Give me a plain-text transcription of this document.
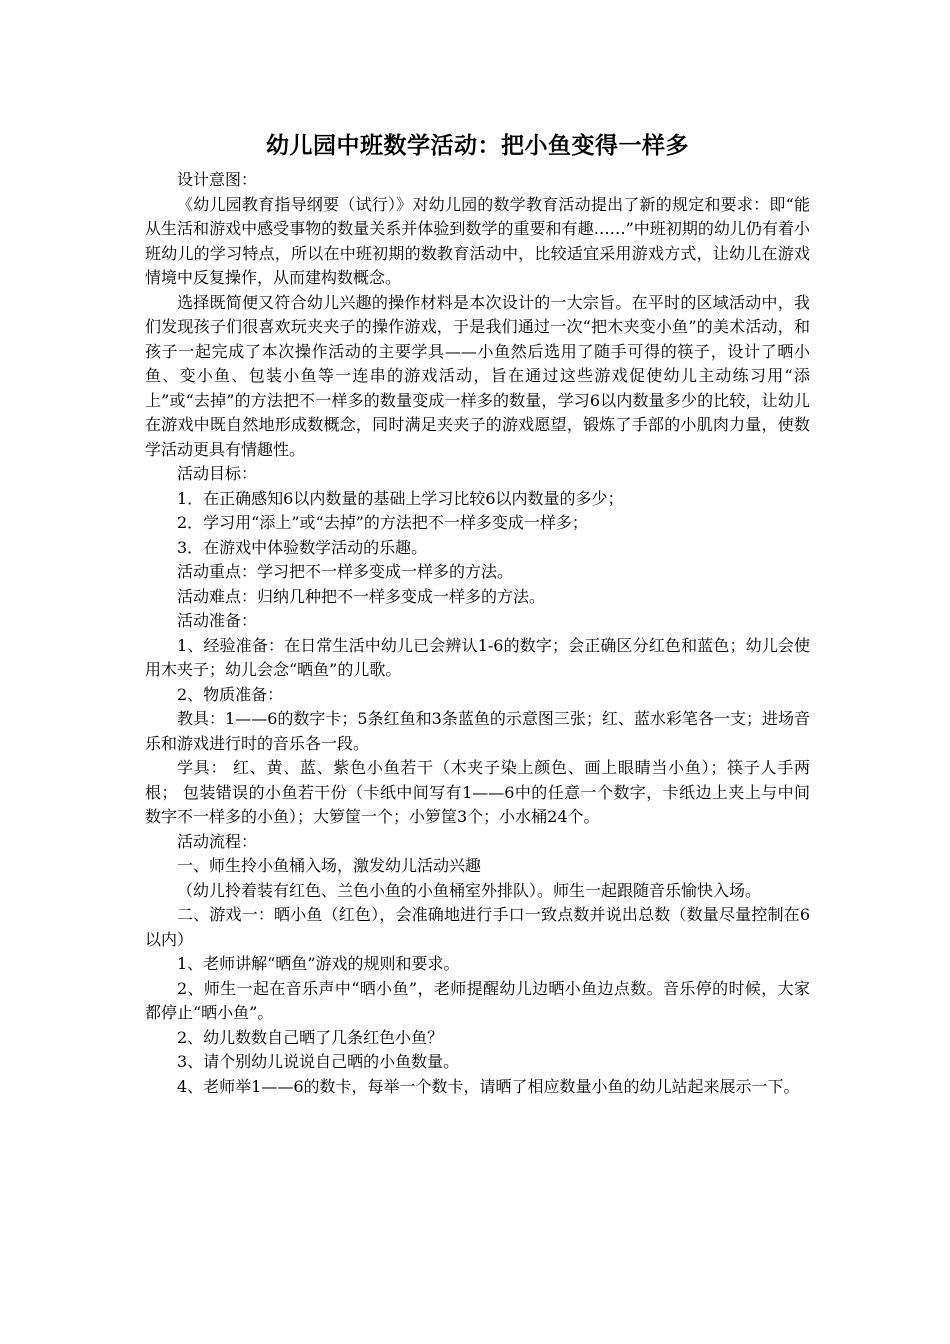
幼儿园中班数学活动：把小鱼变得一样多

设计意图：

《幼儿园教育指导纲要（试行）》对幼儿园的数学教育活动提出了新的规定和要求：即“能从生活和游戏中感受事物的数量关系并体验到数学的重要和有趣……”中班初期的幼儿仍有着小班幼儿的学习特点，所以在中班初期的数教育活动中，比较适宜采用游戏方式，让幼儿在游戏情境中反复操作，从而建构数概念。

选择既简便又符合幼儿兴趣的操作材料是本次设计的一大宗旨。在平时的区域活动中，我们发现孩子们很喜欢玩夹夹子的操作游戏，于是我们通过一次“把木夹变小鱼”的美术活动，和孩子一起完成了本次操作活动的主要学具——小鱼然后选用了随手可得的筷子，设计了晒小鱼、变小鱼、包装小鱼等一连串的游戏活动，旨在通过这些游戏促使幼儿主动练习用“添上”或“去掉”的方法把不一样多的数量变成一样多的数量，学习6以内数量多少的比较，让幼儿在游戏中既自然地形成数概念，同时满足夹夹子的游戏愿望，锻炼了手部的小肌肉力量，使数学活动更具有情趣性。

活动目标：

1．在正确感知6以内数量的基础上学习比较6以内数量的多少；

2．学习用“添上”或“去掉”的方法把不一样多变成一样多；

3．在游戏中体验数学活动的乐趣。

活动重点：学习把不一样多变成一样多的方法。

活动难点：归纳几种把不一样多变成一样多的方法。

活动准备：

1、经验准备：在日常生活中幼儿已会辨认1-6的数字；会正确区分红色和蓝色；幼儿会使用木夹子；幼儿会念“晒鱼”的儿歌。

2、物质准备：

教具：1——6的数字卡；5条红鱼和3条蓝鱼的示意图三张；红、蓝水彩笔各一支；进场音乐和游戏进行时的音乐各一段。

学具： 红、黄、蓝、紫色小鱼若干（木夹子染上颜色、画上眼睛当小鱼）；筷子人手两根； 包装错误的小鱼若干份（卡纸中间写有1——6中的任意一个数字，卡纸边上夹上与中间数字不一样多的小鱼）；大箩筐一个；小箩筐3个；小水桶24个。

活动流程：

一、师生拎小鱼桶入场，激发幼儿活动兴趣

（幼儿拎着装有红色、兰色小鱼的小鱼桶室外排队）。师生一起跟随音乐愉快入场。

二、游戏一：晒小鱼（红色），会准确地进行手口一致点数并说出总数（数量尽量控制在6以内）

1、老师讲解“晒鱼”游戏的规则和要求。

2、师生一起在音乐声中“晒小鱼”，老师提醒幼儿边晒小鱼边点数。音乐停的时候，大家都停止“晒小鱼”。

2、幼儿数数自己晒了几条红色小鱼？

3、请个别幼儿说说自己晒的小鱼数量。

4、老师举1——6的数卡，每举一个数卡，请晒了相应数量小鱼的幼儿站起来展示一下。
